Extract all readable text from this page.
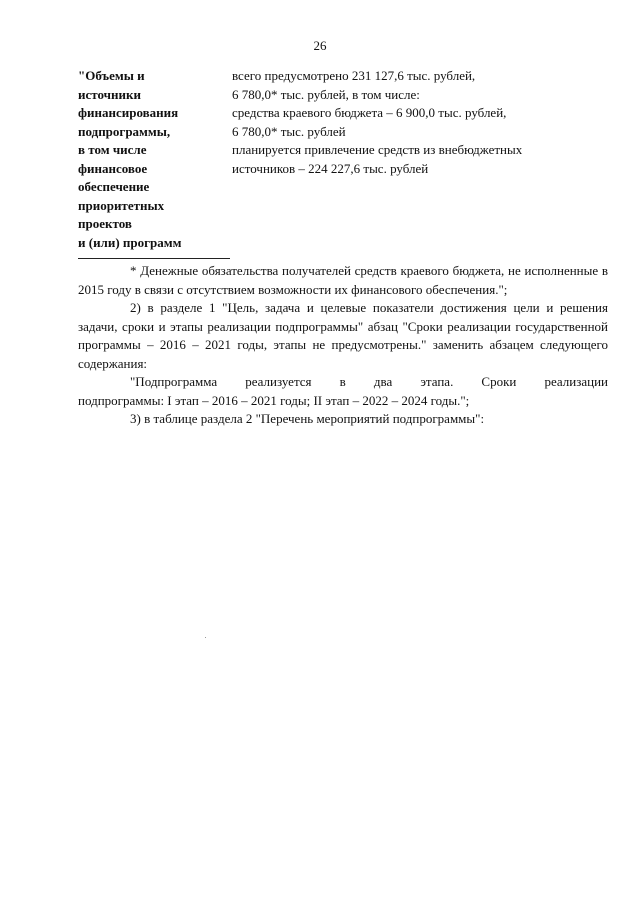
26
"Объемы и
источники
финансирования
подпрограммы,
в том числе
финансовое
обеспечение
приоритетных
проектов
и (или) программ
всего предусмотрено 231 127,6 тыс. рублей,
6 780,0* тыс. рублей, в том числе:
средства краевого бюджета – 6 900,0 тыс. рублей,
6 780,0* тыс. рублей
планируется привлечение средств из внебюджетных
источников – 224 227,6 тыс. рублей

* Денежные обязательства получателей средств краевого бюджета, не исполненные в 2015 году в связи с отсутствием возможности их финансового обеспечения.";

2) в разделе 1 "Цель, задача и целевые показатели достижения цели и решения задачи, сроки и этапы реализации подпрограммы" абзац "Сроки реализации государственной программы – 2016 – 2021 годы, этапы не предусмотрены." заменить абзацем следующего содержания:

"Подпрограмма реализуется в два этапа. Сроки реализации

подпрограммы: I этап – 2016 – 2021 годы; II этап – 2022 – 2024 годы.";

3) в таблице раздела 2 "Перечень мероприятий подпрограммы":
